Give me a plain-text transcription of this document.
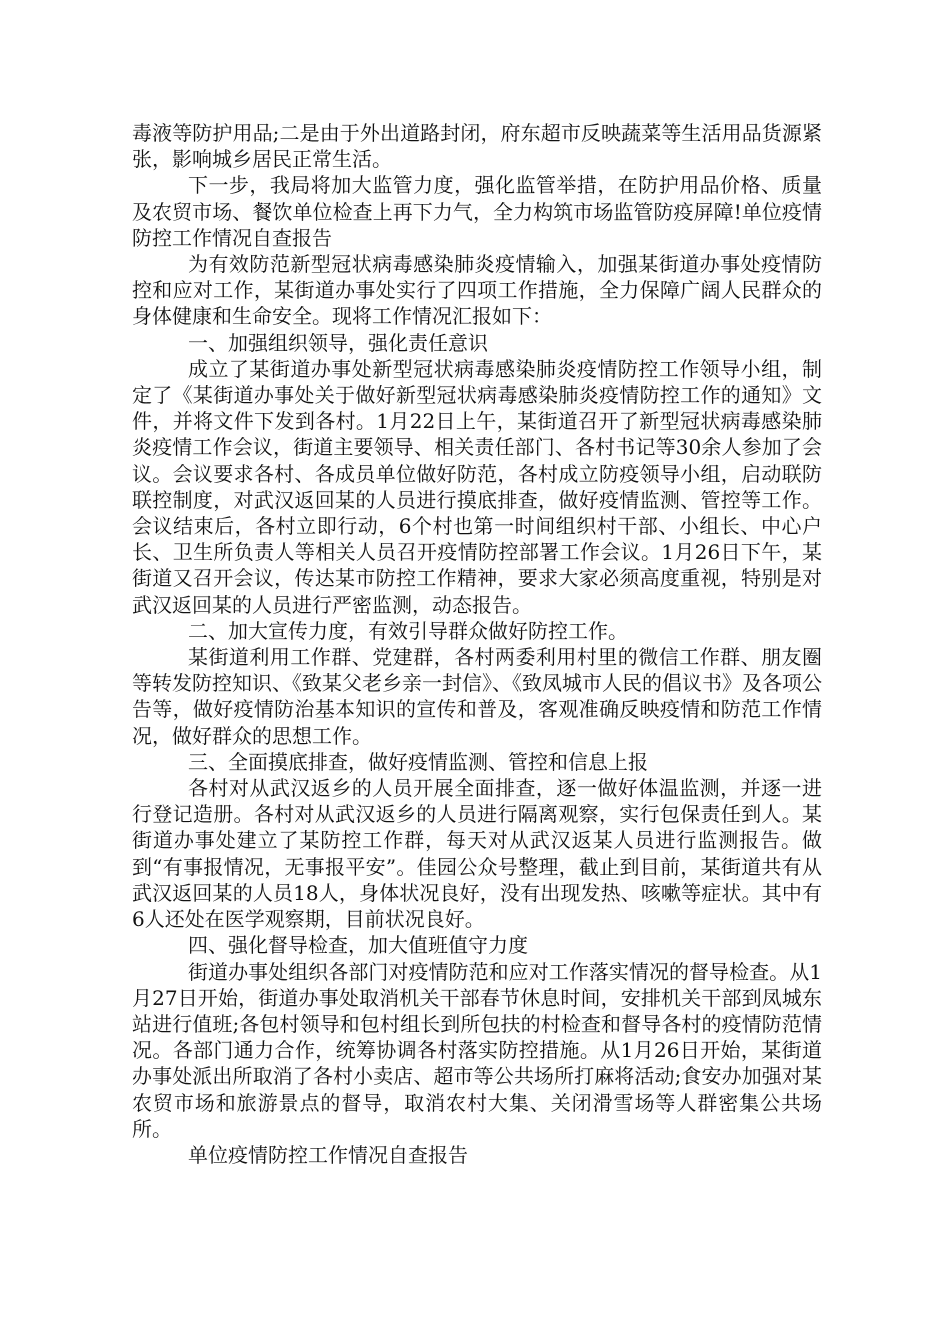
毒液等防护用品;二是由于外出道路封闭，府东超市反映蔬菜等生活用品货源紧张，影响城乡居民正常生活。

下一步，我局将加大监管力度，强化监管举措，在防护用品价格、质量及农贸市场、餐饮单位检查上再下力气，全力构筑市场监管防疫屏障!单位疫情防控工作情况自查报告

为有效防范新型冠状病毒感染肺炎疫情输入，加强某街道办事处疫情防控和应对工作，某街道办事处实行了四项工作措施，全力保障广阔人民群众的身体健康和生命安全。现将工作情况汇报如下：

一、加强组织领导，强化责任意识

成立了某街道办事处新型冠状病毒感染肺炎疫情防控工作领导小组，制定了《某街道办事处关于做好新型冠状病毒感染肺炎疫情防控工作的通知》文件，并将文件下发到各村。1月22日上午，某街道召开了新型冠状病毒感染肺炎疫情工作会议，街道主要领导、相关责任部门、各村书记等30余人参加了会议。会议要求各村、各成员单位做好防范，各村成立防疫领导小组，启动联防联控制度，对武汉返回某的人员进行摸底排查，做好疫情监测、管控等工作。会议结束后，各村立即行动，6个村也第一时间组织村干部、小组长、中心户长、卫生所负责人等相关人员召开疫情防控部署工作会议。1月26日下午，某街道又召开会议，传达某市防控工作精神，要求大家必须高度重视，特别是对武汉返回某的人员进行严密监测，动态报告。

二、加大宣传力度，有效引导群众做好防控工作。

某街道利用工作群、党建群，各村两委利用村里的微信工作群、朋友圈等转发防控知识、《致某父老乡亲一封信》、《致凤城市人民的倡议书》及各项公告等，做好疫情防治基本知识的宣传和普及，客观准确反映疫情和防范工作情况，做好群众的思想工作。

三、全面摸底排查，做好疫情监测、管控和信息上报

各村对从武汉返乡的人员开展全面排查，逐一做好体温监测，并逐一进行登记造册。各村对从武汉返乡的人员进行隔离观察，实行包保责任到人。某街道办事处建立了某防控工作群，每天对从武汉返某人员进行监测报告。做到“有事报情况，无事报平安”。佳园公众号整理，截止到目前，某街道共有从武汉返回某的人员18人，身体状况良好，没有出现发热、咳嗽等症状。其中有6人还处在医学观察期，目前状况良好。

四、强化督导检查，加大值班值守力度

街道办事处组织各部门对疫情防范和应对工作落实情况的督导检查。从1月27日开始，街道办事处取消机关干部春节休息时间，安排机关干部到凤城东站进行值班;各包村领导和包村组长到所包扶的村检查和督导各村的疫情防范情况。各部门通力合作，统筹协调各村落实防控措施。从1月26日开始，某街道办事处派出所取消了各村小卖店、超市等公共场所打麻将活动;食安办加强对某农贸市场和旅游景点的督导，取消农村大集、关闭滑雪场等人群密集公共场所。

单位疫情防控工作情况自查报告
